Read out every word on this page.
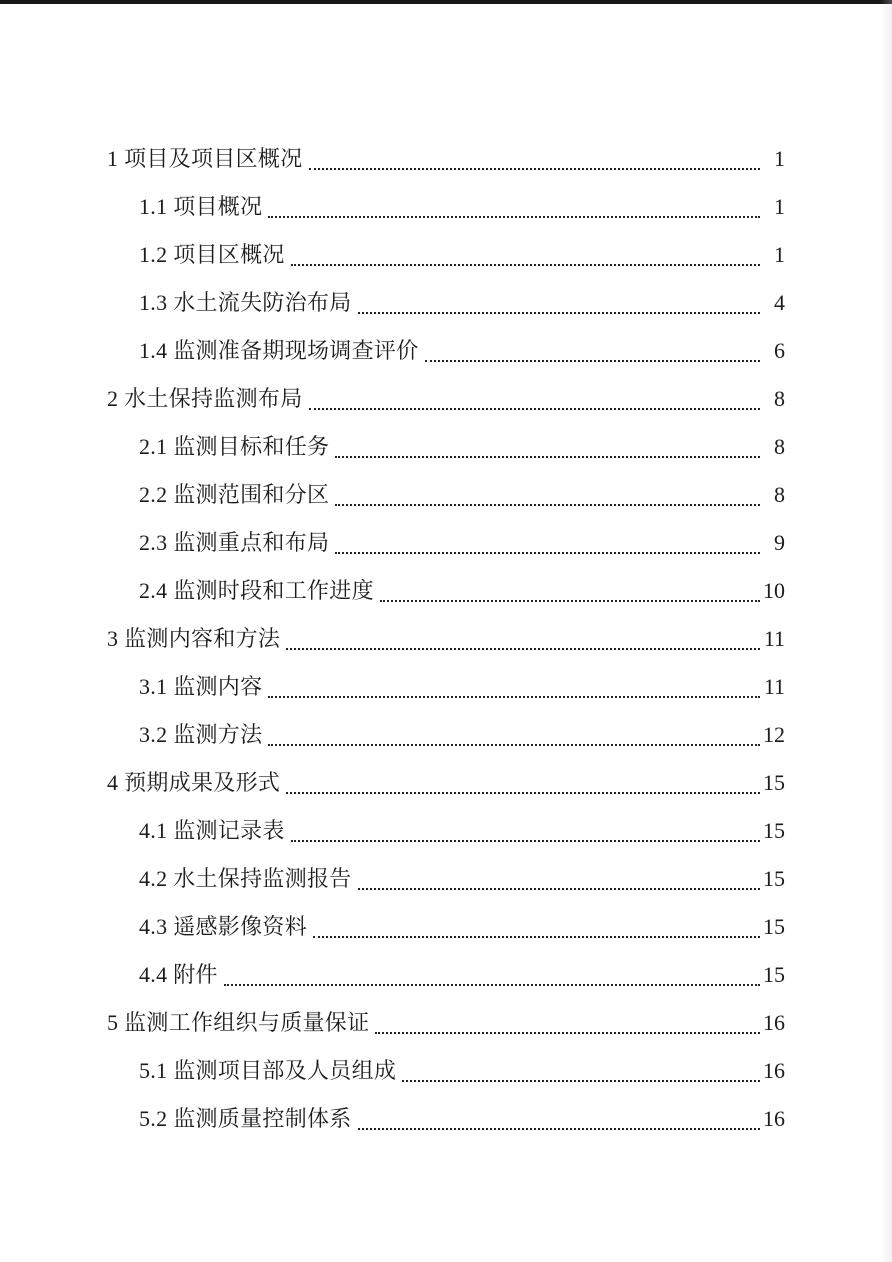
1 项目及项目区概况	1
1.1 项目概况	1
1.2 项目区概况	1
1.3 水土流失防治布局	4
1.4 监测准备期现场调查评价	6
2 水土保持监测布局	8
2.1 监测目标和任务	8
2.2 监测范围和分区	8
2.3 监测重点和布局	9
2.4 监测时段和工作进度	10
3 监测内容和方法	11
3.1 监测内容	11
3.2 监测方法	12
4 预期成果及形式	15
4.1 监测记录表	15
4.2 水土保持监测报告	15
4.3 遥感影像资料	15
4.4 附件	15
5 监测工作组织与质量保证	16
5.1 监测项目部及人员组成	16
5.2 监测质量控制体系	16
